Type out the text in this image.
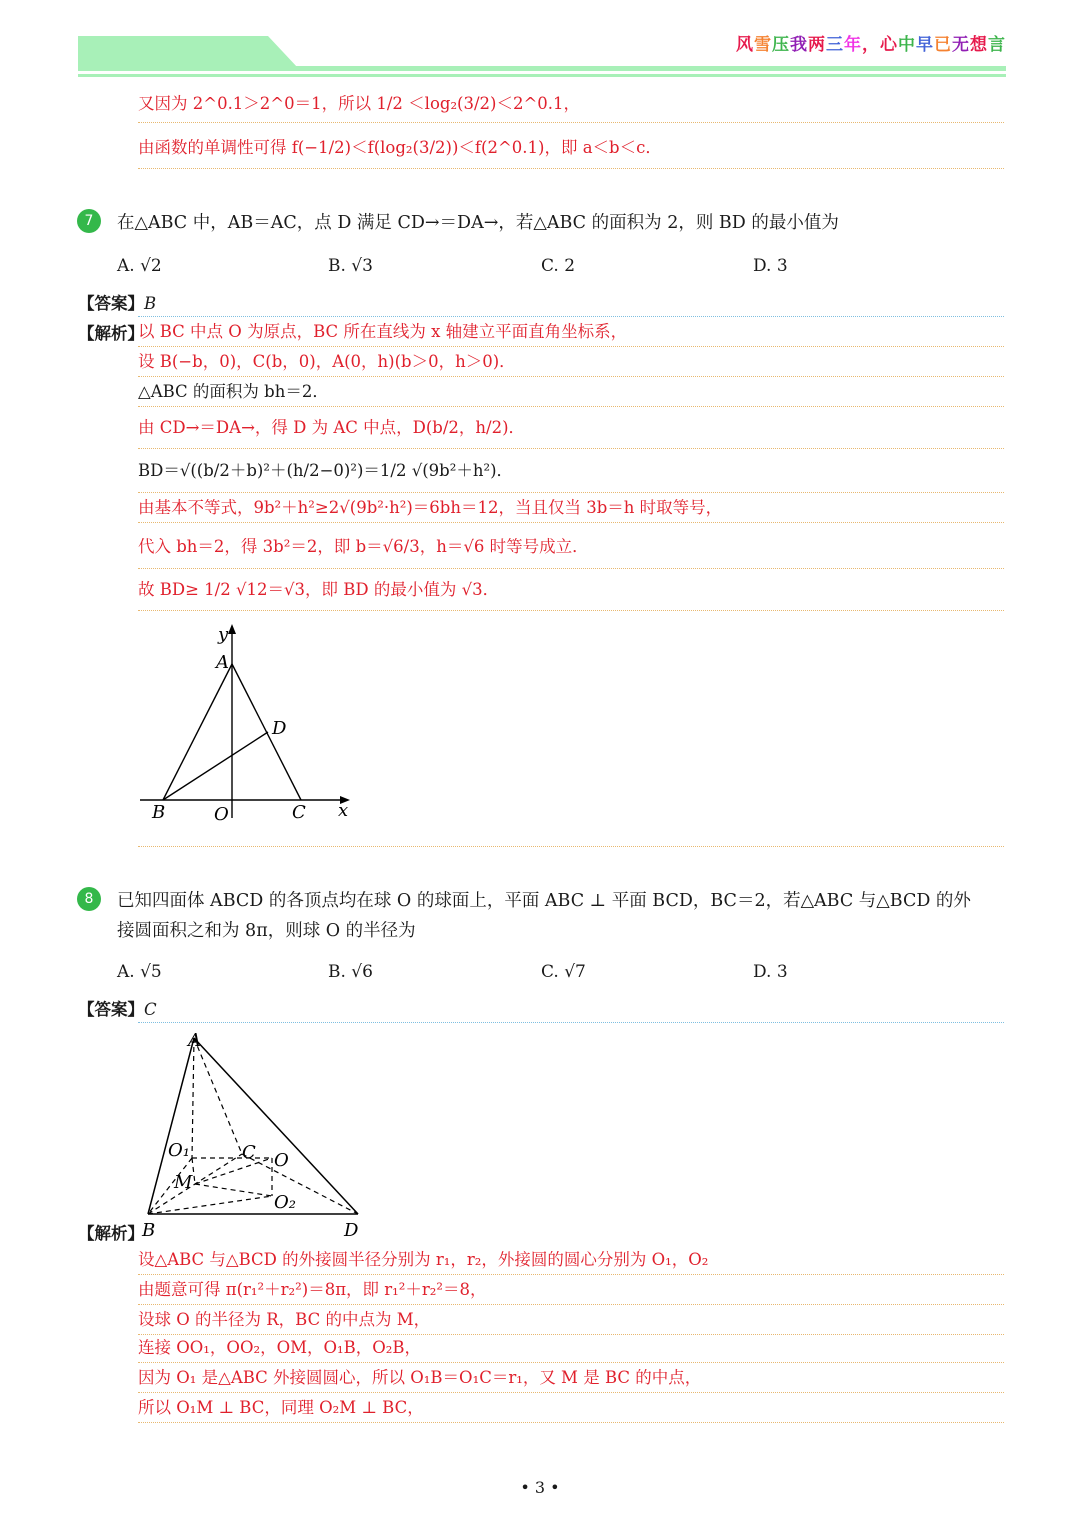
风雪压我两三年，心中早已无想言
又因为 2^0.1＞2^0＝1，所以 1/2 ＜log₂(3/2)＜2^0.1，
由函数的单调性可得 f(−1/2)＜f(log₂(3/2))＜f(2^0.1)，即 a＜b＜c．
7	在△ABC 中，AB＝AC，点 D 满足 CD→＝DA→，若△ABC 的面积为 2，则 BD 的最小值为
A. √2	B. √3	C. 2	D. 3
【答案】B
【解析】
以 BC 中点 O 为原点，BC 所在直线为 x 轴建立平面直角坐标系，
设 B(−b，0)，C(b，0)，A(0，h)(b＞0，h＞0)．
△ABC 的面积为 bh＝2．
由 CD→＝DA→，得 D 为 AC 中点，D(b/2，h/2)．
BD＝√((b/2＋b)²＋(h/2−0)²)＝1/2 √(9b²＋h²)．
由基本不等式，9b²＋h²≥2√(9b²·h²)＝6bh＝12，当且仅当 3b＝h 时取等号，
代入 bh＝2，得 3b²＝2，即 b＝√6/3，h＝√6 时等号成立．
故 BD≥ 1/2 √12＝√3，即 BD 的最小值为 √3．
y
A
D
B	O	C x
8	已知四面体 ABCD 的各顶点均在球 O 的球面上，平面 ABC ⊥ 平面 BCD，BC＝2，若△ABC 与△BCD 的外
接圆面积之和为 8π，则球 O 的半径为
A. √5	B. √6	C. √7	D. 3
【答案】C
A
O₁	C O
M
O₂
B	D
【解析】
设△ABC 与△BCD 的外接圆半径分别为 r₁，r₂，外接圆的圆心分别为 O₁，O₂
由题意可得 π(r₁²＋r₂²)＝8π，即 r₁²＋r₂²＝8，
设球 O 的半径为 R，BC 的中点为 M，
连接 OO₁，OO₂，OM，O₁B，O₂B，
因为 O₁ 是△ABC 外接圆圆心，所以 O₁B＝O₁C＝r₁，又 M 是 BC 的中点，
所以 O₁M ⊥ BC，同理 O₂M ⊥ BC，
• 3 •
